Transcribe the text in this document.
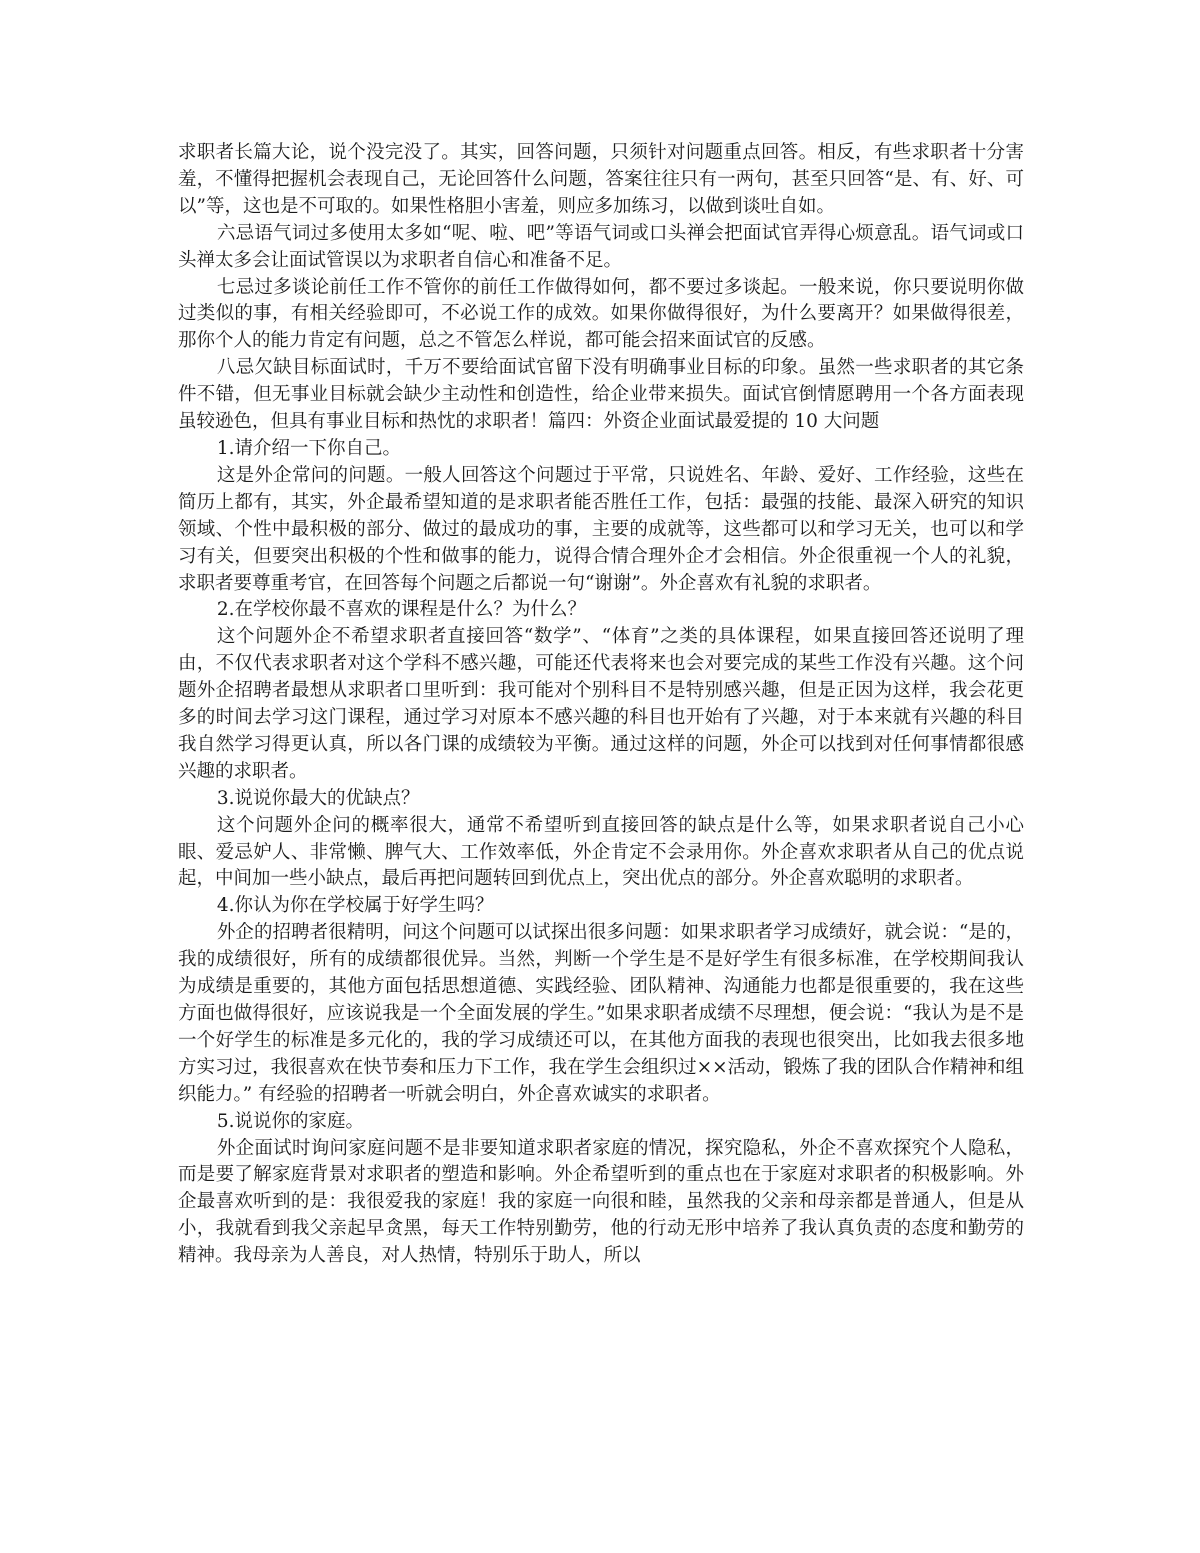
求职者长篇大论，说个没完没了。其实，回答问题，只须针对问题重点回答。相反，有些求职者十分害羞，不懂得把握机会表现自己，无论回答什么问题，答案往往只有一两句，甚至只回答“是、有、好、可以”等，这也是不可取的。如果性格胆小害羞，则应多加练习，以做到谈吐自如。

六忌语气词过多使用太多如“呢、啦、吧”等语气词或口头禅会把面试官弄得心烦意乱。语气词或口头禅太多会让面试管误以为求职者自信心和准备不足。

七忌过多谈论前任工作不管你的前任工作做得如何，都不要过多谈起。一般来说，你只要说明你做过类似的事，有相关经验即可，不必说工作的成效。如果你做得很好，为什么要离开？如果做得很差，那你个人的能力肯定有问题，总之不管怎么样说，都可能会招来面试官的反感。

八忌欠缺目标面试时，千万不要给面试官留下没有明确事业目标的印象。虽然一些求职者的其它条件不错，但无事业目标就会缺少主动性和创造性，给企业带来损失。面试官倒情愿聘用一个各方面表现虽较逊色，但具有事业目标和热忱的求职者！篇四：外资企业面试最爱提的 10 大问题

1.请介绍一下你自己。

这是外企常问的问题。一般人回答这个问题过于平常，只说姓名、年龄、爱好、工作经验，这些在简历上都有，其实，外企最希望知道的是求职者能否胜任工作，包括：最强的技能、最深入研究的知识领域、个性中最积极的部分、做过的最成功的事，主要的成就等，这些都可以和学习无关，也可以和学习有关，但要突出积极的个性和做事的能力，说得合情合理外企才会相信。外企很重视一个人的礼貌，求职者要尊重考官，在回答每个问题之后都说一句“谢谢”。外企喜欢有礼貌的求职者。

2.在学校你最不喜欢的课程是什么？为什么？

这个问题外企不希望求职者直接回答“数学”、“体育”之类的具体课程，如果直接回答还说明了理由，不仅代表求职者对这个学科不感兴趣，可能还代表将来也会对要完成的某些工作没有兴趣。这个问题外企招聘者最想从求职者口里听到：我可能对个别科目不是特别感兴趣，但是正因为这样，我会花更多的时间去学习这门课程，通过学习对原本不感兴趣的科目也开始有了兴趣，对于本来就有兴趣的科目我自然学习得更认真，所以各门课的成绩较为平衡。通过这样的问题，外企可以找到对任何事情都很感兴趣的求职者。

3.说说你最大的优缺点？

这个问题外企问的概率很大，通常不希望听到直接回答的缺点是什么等，如果求职者说自己小心眼、爱忌妒人、非常懒、脾气大、工作效率低，外企肯定不会录用你。外企喜欢求职者从自己的优点说起，中间加一些小缺点，最后再把问题转回到优点上，突出优点的部分。外企喜欢聪明的求职者。

4.你认为你在学校属于好学生吗？

外企的招聘者很精明，问这个问题可以试探出很多问题：如果求职者学习成绩好，就会说：“是的，我的成绩很好，所有的成绩都很优异。当然，判断一个学生是不是好学生有很多标准，在学校期间我认为成绩是重要的，其他方面包括思想道德、实践经验、团队精神、沟通能力也都是很重要的，我在这些方面也做得很好，应该说我是一个全面发展的学生。”如果求职者成绩不尽理想，便会说：“我认为是不是一个好学生的标准是多元化的，我的学习成绩还可以，在其他方面我的表现也很突出，比如我去很多地方实习过，我很喜欢在快节奏和压力下工作，我在学生会组织过××活动，锻炼了我的团队合作精神和组织能力。” 有经验的招聘者一听就会明白，外企喜欢诚实的求职者。

5.说说你的家庭。

外企面试时询问家庭问题不是非要知道求职者家庭的情况，探究隐私，外企不喜欢探究个人隐私，而是要了解家庭背景对求职者的塑造和影响。外企希望听到的重点也在于家庭对求职者的积极影响。外企最喜欢听到的是：我很爱我的家庭！我的家庭一向很和睦，虽然我的父亲和母亲都是普通人，但是从小，我就看到我父亲起早贪黑，每天工作特别勤劳，他的行动无形中培养了我认真负责的态度和勤劳的精神。我母亲为人善良，对人热情，特别乐于助人，所以
